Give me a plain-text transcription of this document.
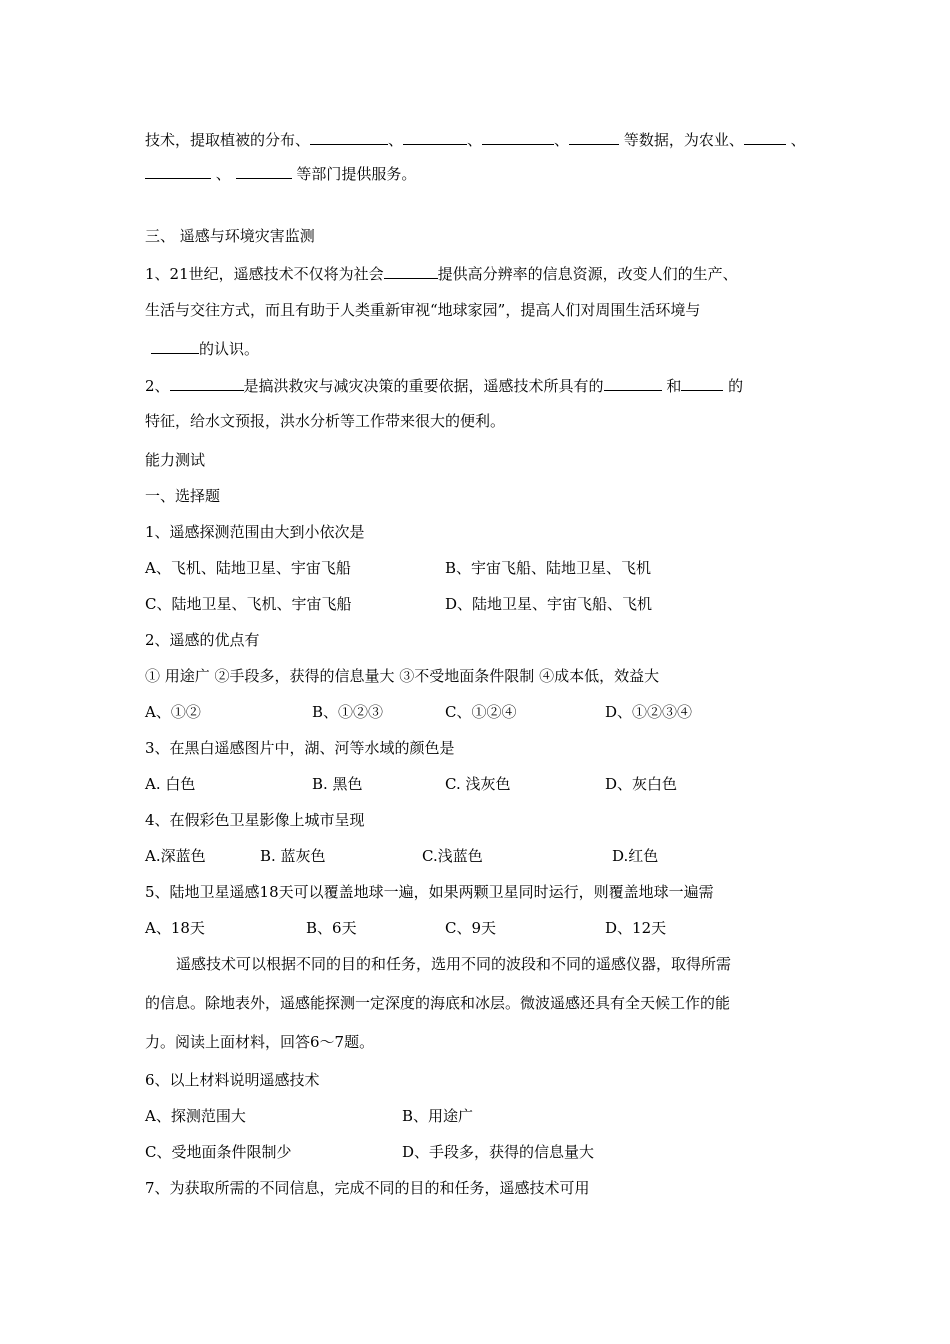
技术，提取植被的分布、	、	、	、	等数据，为农业、	、
、	等部门提供服务。
三、 遥感与环境灾害监测
1、21世纪，遥感技术不仅将为社会	提供高分辨率的信息资源，改变人们的生产、
生活与交往方式，而且有助于人类重新审视“地球家园”，提高人们对周围生活环境与
的认识。
2、	是搞洪救灾与减灾决策的重要依据，遥感技术所具有的	和	的
特征，给水文预报，洪水分析等工作带来很大的便利。
能力测试
一、选择题
1、遥感探测范围由大到小依次是
A、飞机、陆地卫星、宇宙飞船	B、宇宙飞船、陆地卫星、飞机
C、陆地卫星、飞机、宇宙飞船	D、陆地卫星、宇宙飞船、飞机
2、遥感的优点有
① 用途广 ②手段多，获得的信息量大 ③不受地面条件限制 ④成本低，效益大
A、①②	B、①②③	C、①②④	D、①②③④
3、在黑白遥感图片中，湖、河等水域的颜色是
A. 白色	B. 黑色	C. 浅灰色	D、灰白色
4、在假彩色卫星影像上城市呈现
A.深蓝色	B. 蓝灰色	C.浅蓝色	D.红色
5、陆地卫星遥感18天可以覆盖地球一遍，如果两颗卫星同时运行，则覆盖地球一遍需
A、18天	B、6天	C、9天	D、12天
遥感技术可以根据不同的目的和任务，选用不同的波段和不同的遥感仪器，取得所需
的信息。除地表外，遥感能探测一定深度的海底和冰层。微波遥感还具有全天候工作的能
力。阅读上面材料，回答6～7题。
6、以上材料说明遥感技术
A、探测范围大	B、用途广
C、受地面条件限制少	D、手段多，获得的信息量大
7、为获取所需的不同信息，完成不同的目的和任务，遥感技术可用
